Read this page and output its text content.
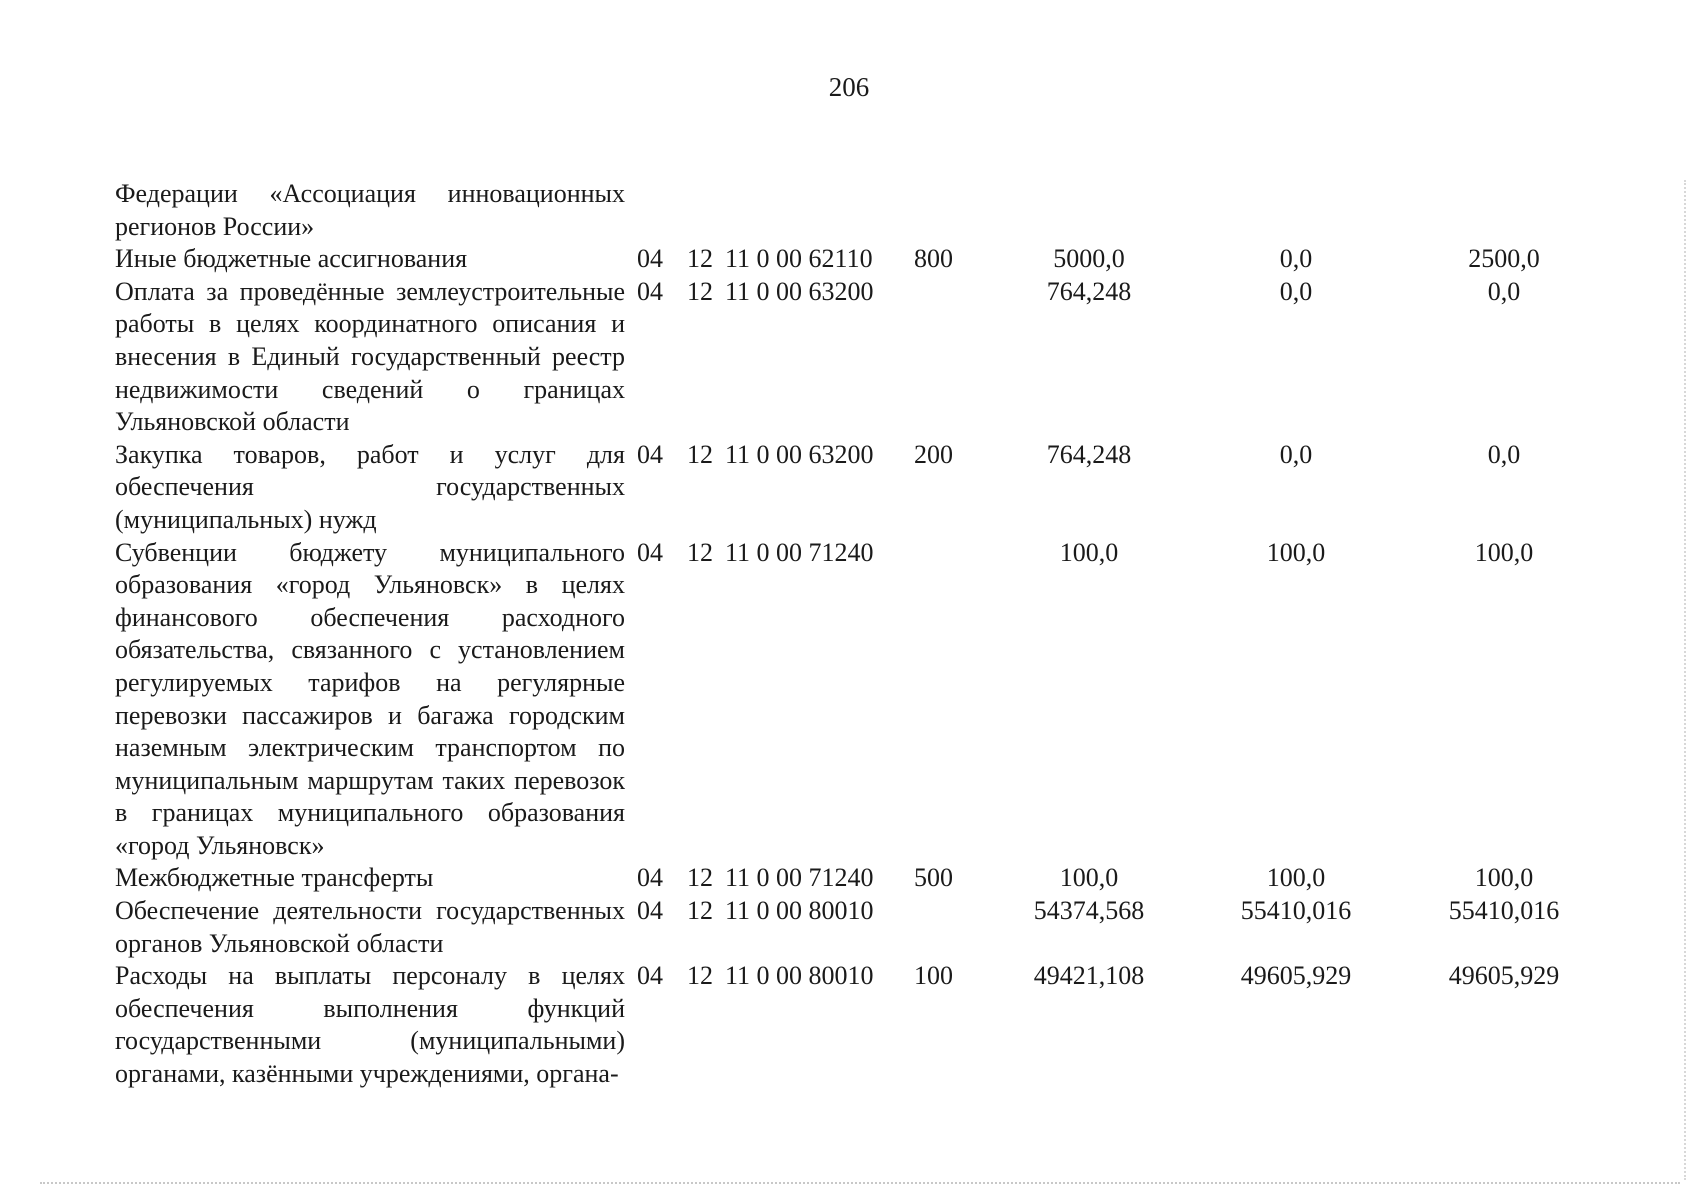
206
Федерации «Ассоциация инновационных регионов России»							
Иные бюджетные ассигнования	04	12	11 0 00 62110	800	5000,0	0,0	2500,0
Оплата за проведённые землеустроительные работы в целях координатного описания и внесения в Единый государственный реестр недвижимости сведений о границах Ульяновской области	04	12	11 0 00 63200		764,248	0,0	0,0
Закупка товаров, работ и услуг для обеспечения государственных (муниципальных) нужд	04	12	11 0 00 63200	200	764,248	0,0	0,0
Субвенции бюджету муниципального образования «город Ульяновск» в целях финансового обеспечения расходного обязательства, связанного с установлением регулируемых тарифов на регулярные перевозки пассажиров и багажа городским наземным электрическим транспортом по муниципальным маршрутам таких перевозок в границах муниципального образования «город Ульяновск»	04	12	11 0 00 71240		100,0	100,0	100,0
Межбюджетные трансферты	04	12	11 0 00 71240	500	100,0	100,0	100,0
Обеспечение деятельности государственных органов Ульяновской области	04	12	11 0 00 80010		54374,568	55410,016	55410,016
Расходы на выплаты персоналу в целях обеспечения выполнения функций государственными (муниципальными) органами, казёнными учреждениями, органа-	04	12	11 0 00 80010	100	49421,108	49605,929	49605,929
